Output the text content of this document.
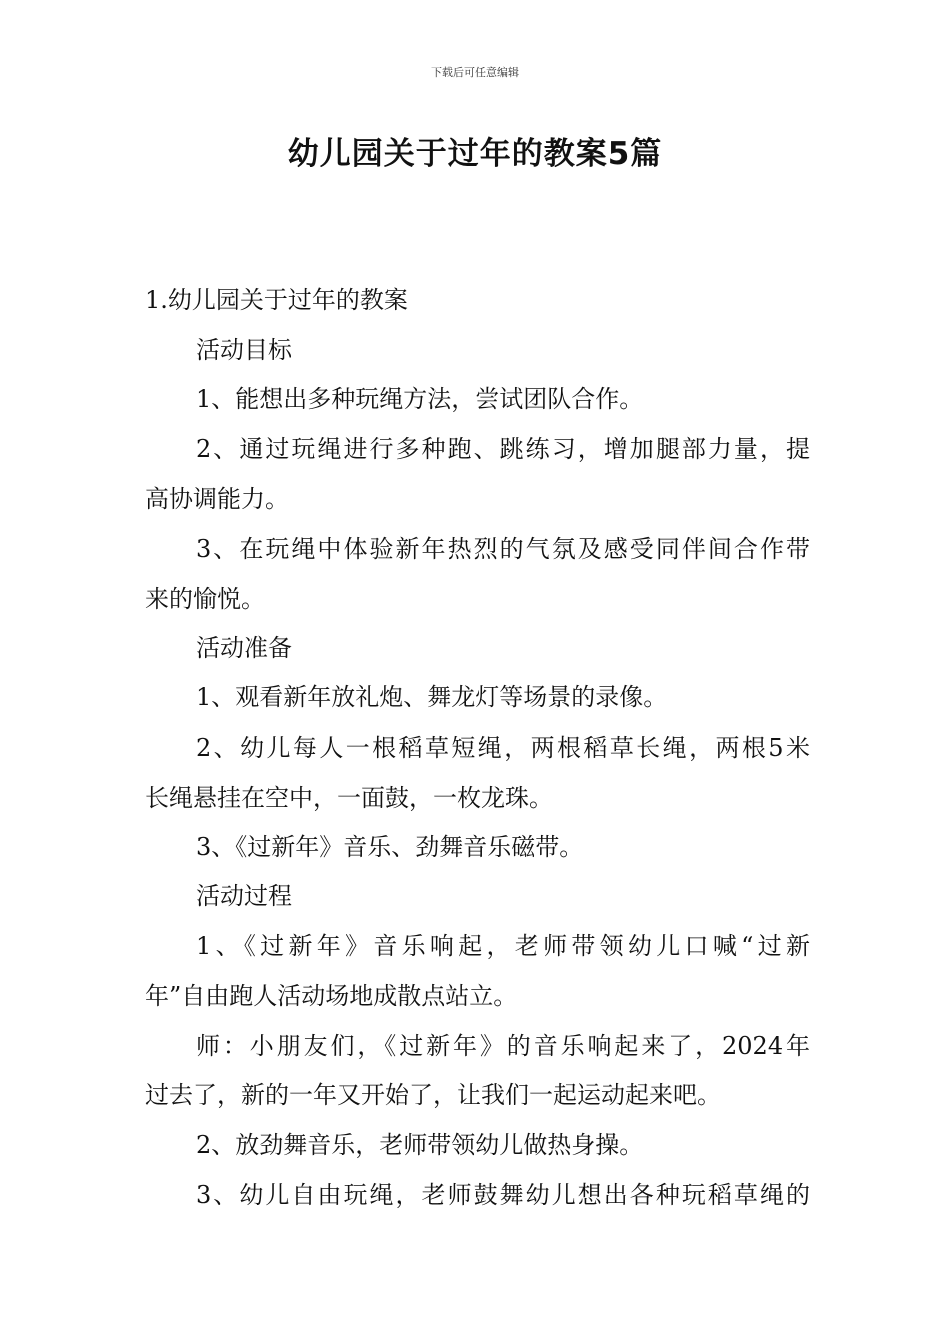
下载后可任意编辑
幼儿园关于过年的教案5篇
1.幼儿园关于过年的教案
活动目标
1、能想出多种玩绳方法，尝试团队合作。
2、通过玩绳进行多种跑、跳练习，增加腿部力量，提
高协调能力。
3、在玩绳中体验新年热烈的气氛及感受同伴间合作带
来的愉悦。
活动准备
1、观看新年放礼炮、舞龙灯等场景的录像。
2、幼儿每人一根稻草短绳，两根稻草长绳，两根5米
长绳悬挂在空中，一面鼓，一枚龙珠。
3、《过新年》音乐、劲舞音乐磁带。
活动过程
1、《过新年》音乐响起，老师带领幼儿口喊“过新
年”自由跑人活动场地成散点站立。
师：小朋友们，《过新年》的音乐响起来了，2024年
过去了，新的一年又开始了，让我们一起运动起来吧。
2、放劲舞音乐，老师带领幼儿做热身操。
3、幼儿自由玩绳，老师鼓舞幼儿想出各种玩稻草绳的
